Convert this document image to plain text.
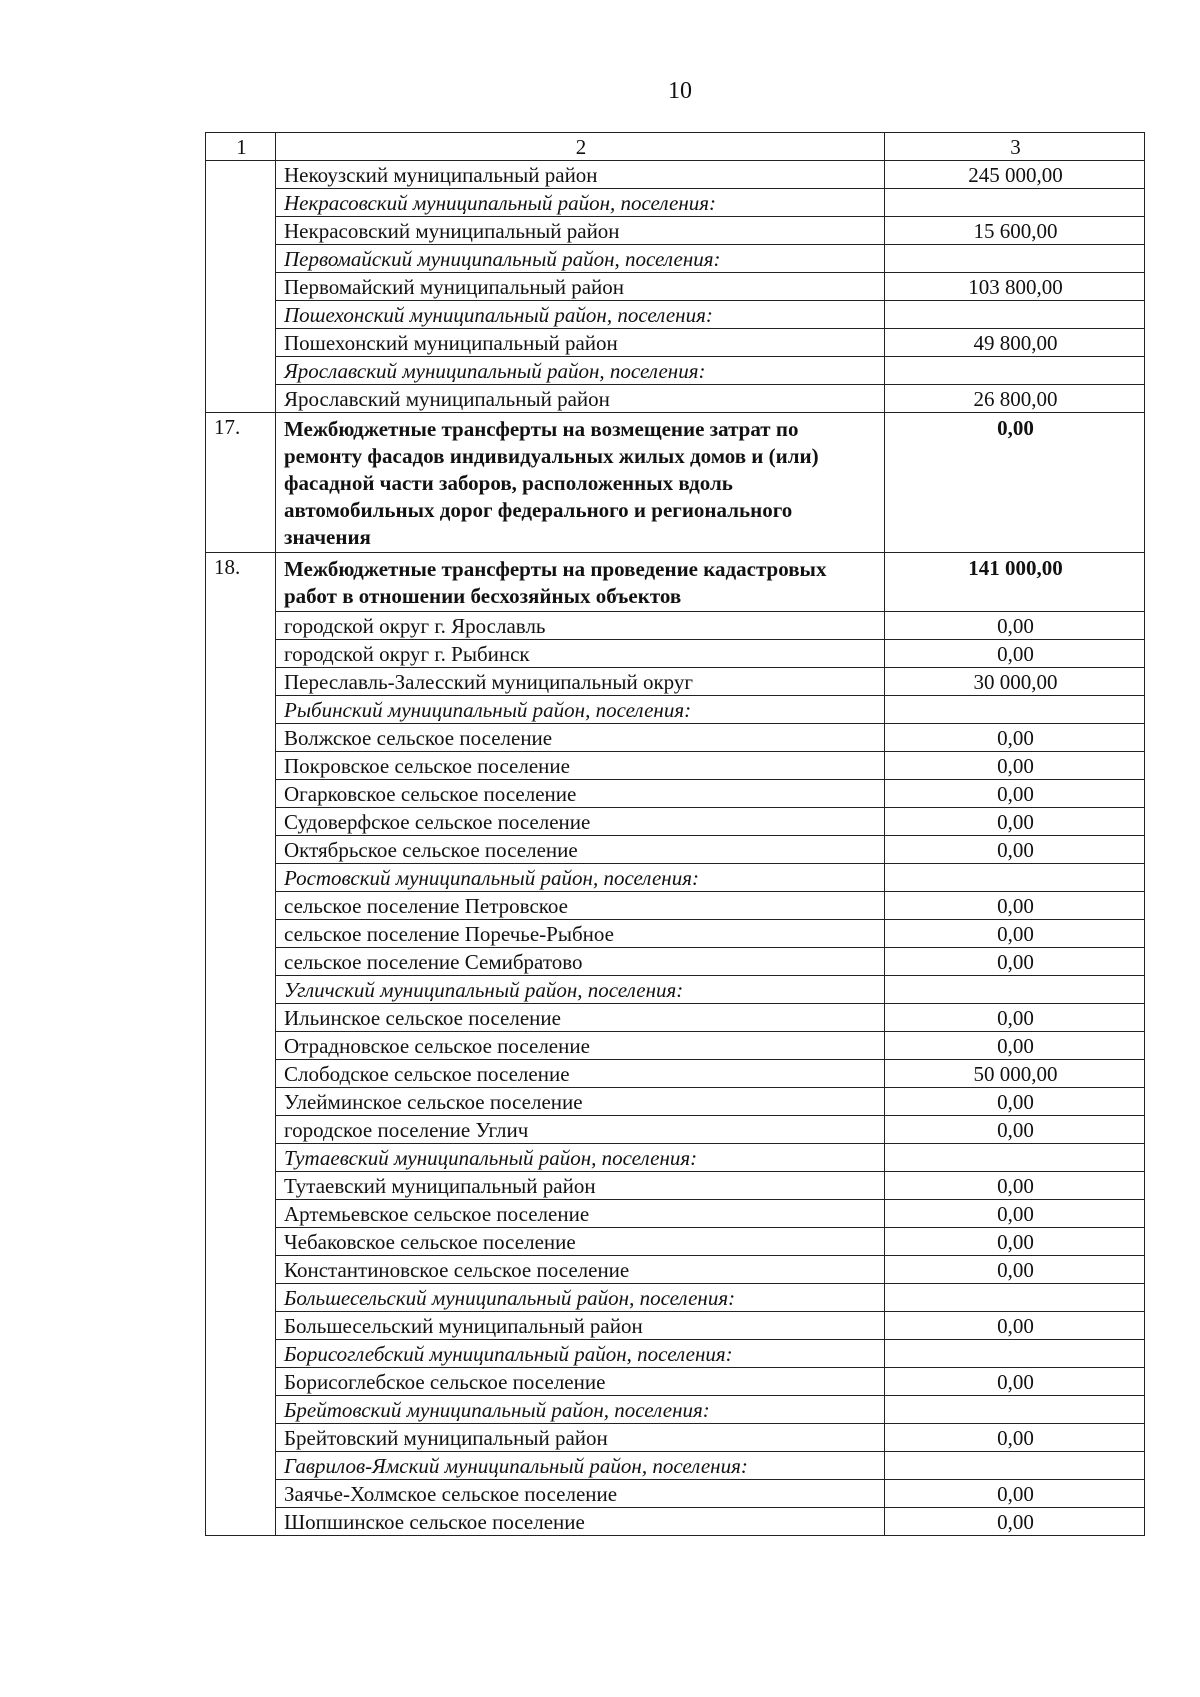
10
1	2	3
	Некоузский муниципальный район	245 000,00
	Некрасовский муниципальный район, поселения:	
	Некрасовский муниципальный район	15 600,00
	Первомайский муниципальный район, поселения:	
	Первомайский муниципальный район	103 800,00
	Пошехонский муниципальный район, поселения:	
	Пошехонский муниципальный район	49 800,00
	Ярославский муниципальный район, поселения:	
	Ярославский муниципальный район	26 800,00
17.	Межбюджетные трансферты на возмещение затрат по ремонту фасадов индивидуальных жилых домов и (или) фасадной части заборов, расположенных вдоль автомобильных дорог федерального и регионального значения	0,00
18.	Межбюджетные трансферты на проведение кадастровых работ в отношении бесхозяйных объектов	141 000,00
	городской округ г. Ярославль	0,00
	городской округ г. Рыбинск	0,00
	Переславль-Залесский муниципальный округ	30 000,00
	Рыбинский муниципальный район, поселения:	
	Волжское сельское поселение	0,00
	Покровское сельское поселение	0,00
	Огарковское сельское поселение	0,00
	Судоверфское сельское поселение	0,00
	Октябрьское сельское поселение	0,00
	Ростовский муниципальный район, поселения:	
	сельское поселение Петровское	0,00
	сельское поселение Поречье-Рыбное	0,00
	сельское поселение Семибратово	0,00
	Угличский муниципальный район, поселения:	
	Ильинское сельское поселение	0,00
	Отрадновское сельское поселение	0,00
	Слободское сельское поселение	50 000,00
	Улейминское сельское поселение	0,00
	городское поселение Углич	0,00
	Тутаевский муниципальный район, поселения:	
	Тутаевский муниципальный район	0,00
	Артемьевское сельское поселение	0,00
	Чебаковское сельское поселение	0,00
	Константиновское сельское поселение	0,00
	Большесельский муниципальный район, поселения:	
	Большесельский муниципальный район	0,00
	Борисоглебский муниципальный район, поселения:	
	Борисоглебское сельское поселение	0,00
	Брейтовский муниципальный район, поселения:	
	Брейтовский муниципальный район	0,00
	Гаврилов-Ямский муниципальный район, поселения:	
	Заячье-Холмское сельское поселение	0,00
	Шопшинское сельское поселение	0,00
